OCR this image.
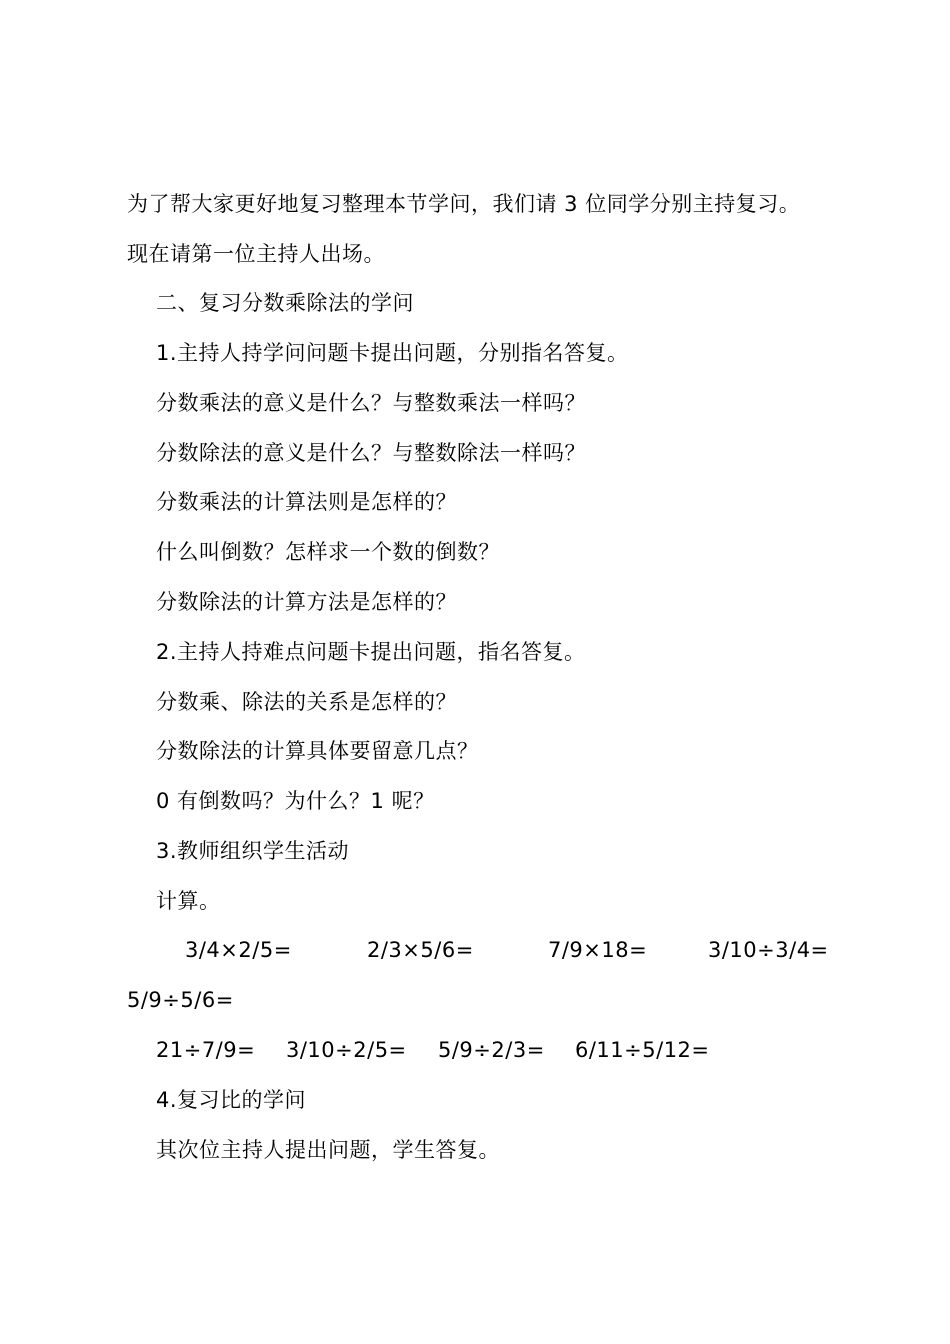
为了帮大家更好地复习整理本节学问，我们请 3 位同学分别主持复习。
现在请第一位主持人出场。
二、复习分数乘除法的学问
1.主持人持学问问题卡提出问题，分别指名答复。
分数乘法的意义是什么？与整数乘法一样吗？
分数除法的意义是什么？与整数除法一样吗？
分数乘法的计算法则是怎样的？
什么叫倒数？怎样求一个数的倒数？
分数除法的计算方法是怎样的？
2.主持人持难点问题卡提出问题，指名答复。
分数乘、除法的关系是怎样的？
分数除法的计算具体要留意几点？
0 有倒数吗？为什么？1 呢？
3.教师组织学生活动
计算。
3/4×2/5=	2/3×5/6=	7/9×18=	3/10÷3/4=
5/9÷5/6=
21÷7/9= 3/10÷2/5= 5/9÷2/3= 6/11÷5/12=
4.复习比的学问
其次位主持人提出问题，学生答复。
